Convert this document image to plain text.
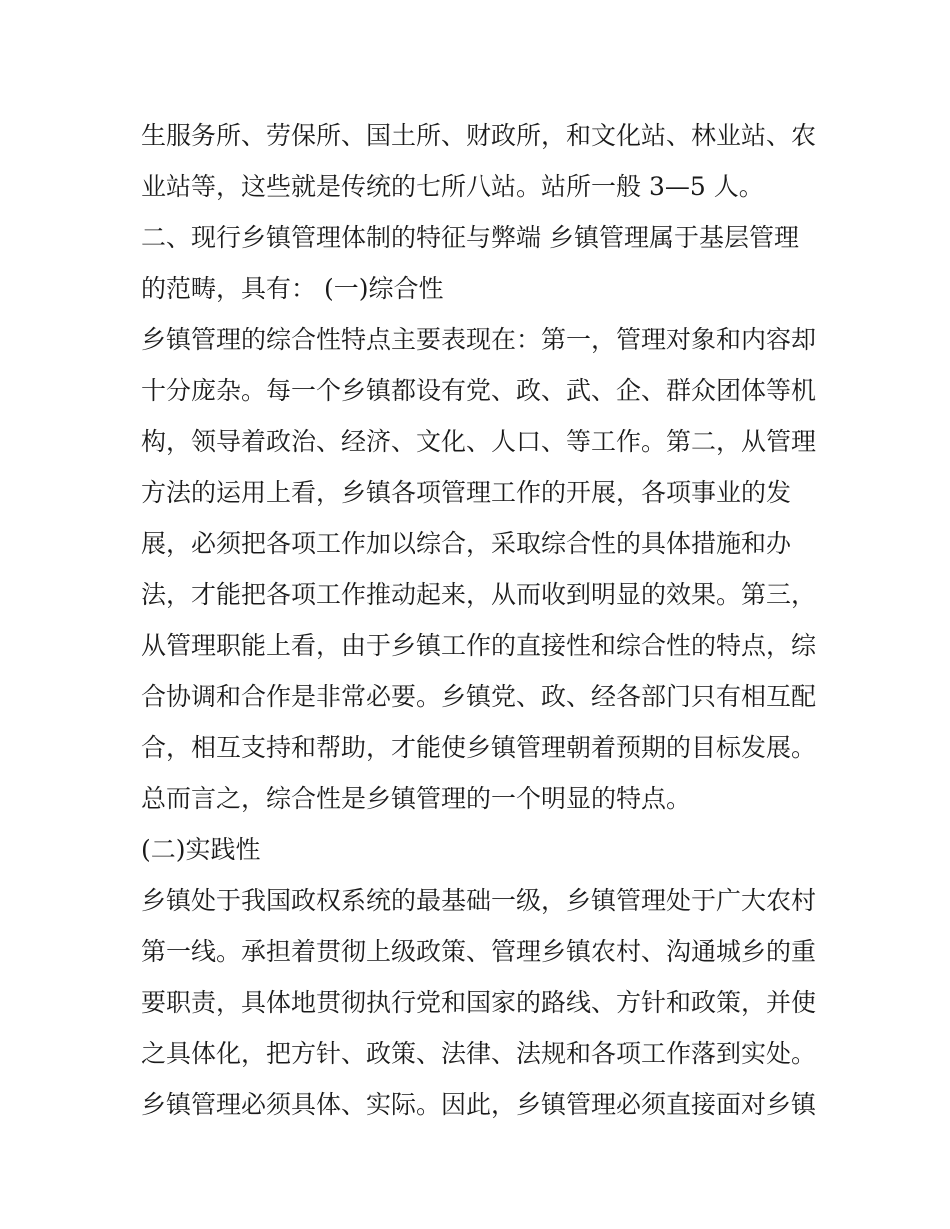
生服务所、劳保所、国土所、财政所，和文化站、林业站、农
业站等，这些就是传统的七所八站。站所一般 3—5 人。
二、现行乡镇管理体制的特征与弊端 乡镇管理属于基层管理
的范畴，具有： (一)综合性
乡镇管理的综合性特点主要表现在：第一，管理对象和内容却
十分庞杂。每一个乡镇都设有党、政、武、企、群众团体等机
构，领导着政治、经济、文化、人口、等工作。第二，从管理
方法的运用上看，乡镇各项管理工作的开展，各项事业的发
展，必须把各项工作加以综合，采取综合性的具体措施和办
法，才能把各项工作推动起来，从而收到明显的效果。第三，
从管理职能上看，由于乡镇工作的直接性和综合性的特点，综
合协调和合作是非常必要。乡镇党、政、经各部门只有相互配
合，相互支持和帮助，才能使乡镇管理朝着预期的目标发展。
总而言之，综合性是乡镇管理的一个明显的特点。
(二)实践性
乡镇处于我国政权系统的最基础一级，乡镇管理处于广大农村
第一线。承担着贯彻上级政策、管理乡镇农村、沟通城乡的重
要职责，具体地贯彻执行党和国家的路线、方针和政策，并使
之具体化，把方针、政策、法律、法规和各项工作落到实处。
乡镇管理必须具体、实际。因此，乡镇管理必须直接面对乡镇
